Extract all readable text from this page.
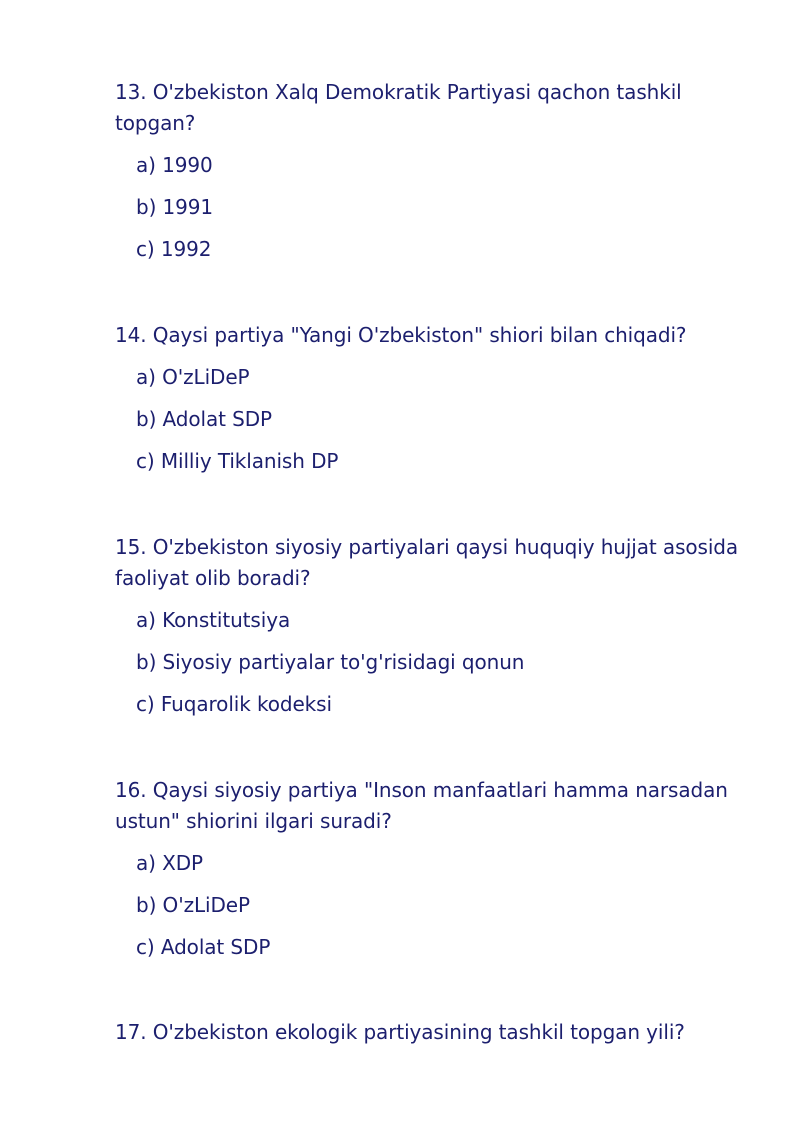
13. O'zbekiston Xalq Demokratik Partiyasi qachon tashkil topgan?

a) 1990
b) 1991
c) 1992

14. Qaysi partiya "Yangi O'zbekiston" shiori bilan chiqadi?

a) O'zLiDeP
b) Adolat SDP
c) Milliy Tiklanish DP

15. O'zbekiston siyosiy partiyalari qaysi huquqiy hujjat asosida faoliyat olib boradi?

a) Konstitutsiya
b) Siyosiy partiyalar to'g'risidagi qonun
c) Fuqarolik kodeksi

16. Qaysi siyosiy partiya "Inson manfaatlari hamma narsadan ustun" shiorini ilgari suradi?

a) XDP
b) O'zLiDeP
c) Adolat SDP

17. O'zbekiston ekologik partiyasining tashkil topgan yili?
